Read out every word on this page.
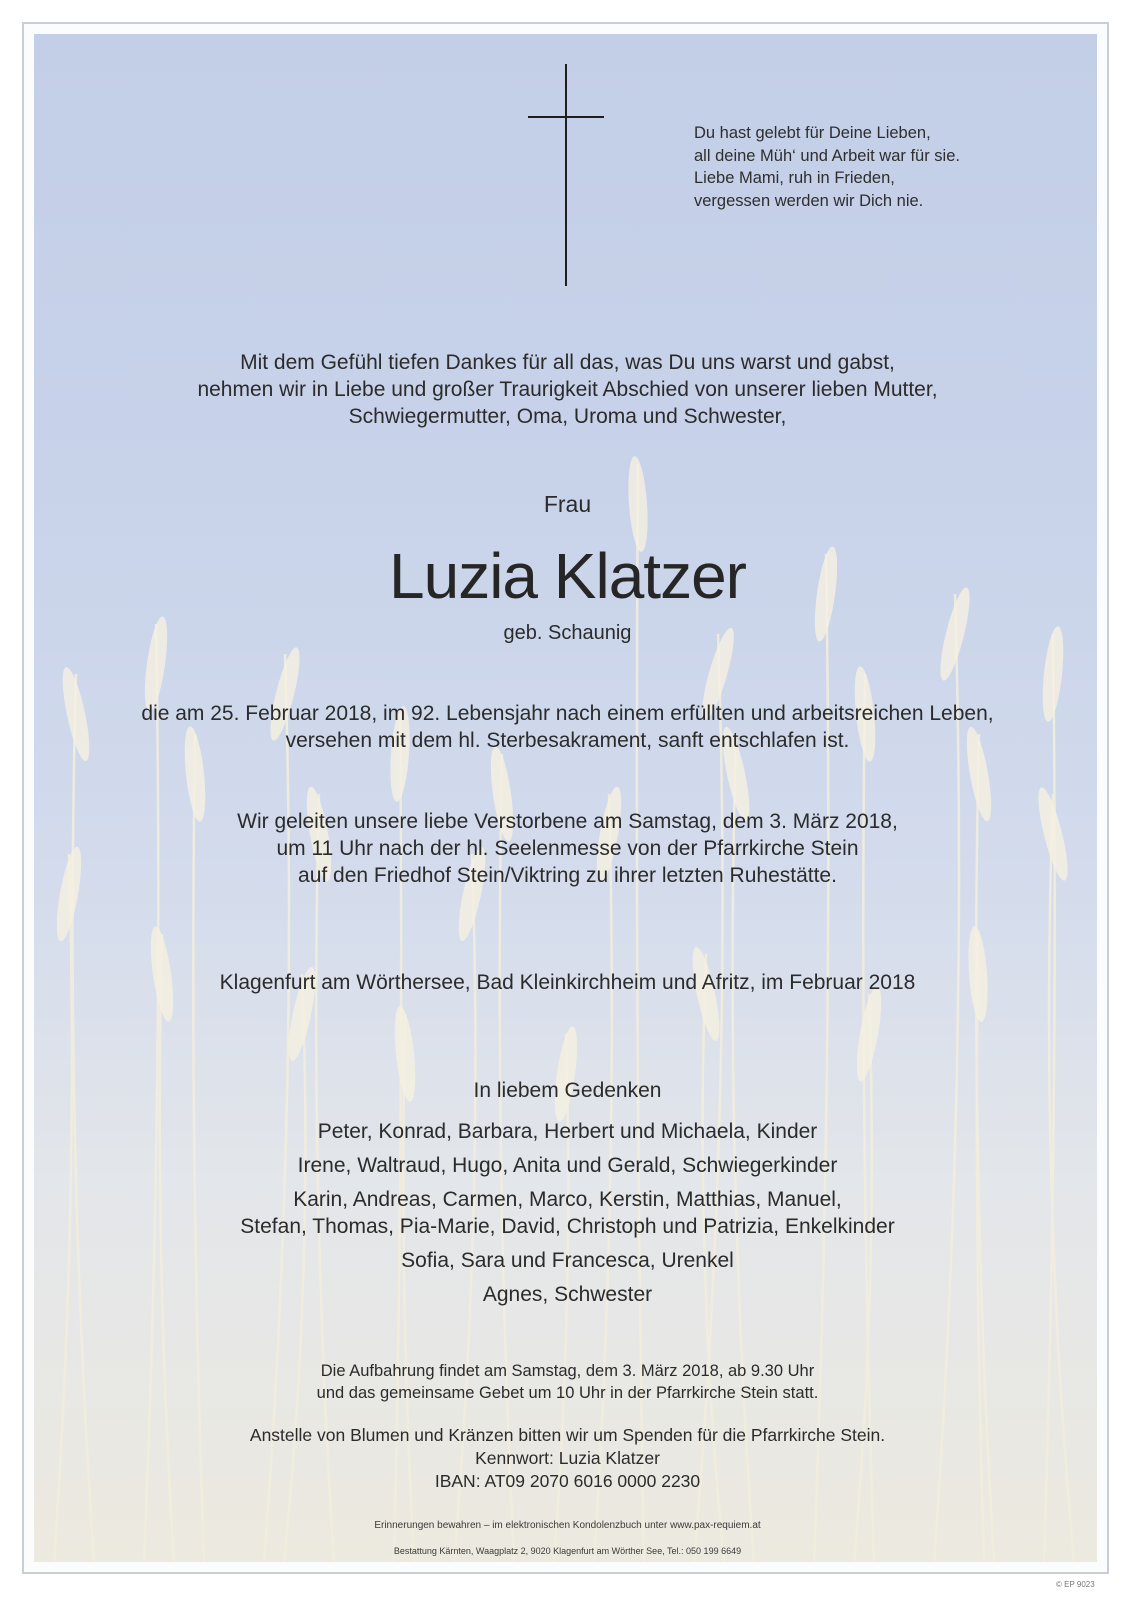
Du hast gelebt für Deine Lieben,
all deine Müh‘ und Arbeit war für sie.
Liebe Mami, ruh in Frieden,
vergessen werden wir Dich nie.
Mit dem Gefühl tiefen Dankes für all das, was Du uns warst und gabst,
nehmen wir in Liebe und großer Traurigkeit Abschied von unserer lieben Mutter,
Schwiegermutter, Oma, Uroma und Schwester,
Frau
Luzia Klatzer
geb. Schaunig
die am 25. Februar 2018, im 92. Lebensjahr nach einem erfüllten und arbeitsreichen Leben,
versehen mit dem hl. Sterbesakrament, sanft entschlafen ist.
Wir geleiten unsere liebe Verstorbene am Samstag, dem 3. März 2018,
um 11 Uhr nach der hl. Seelenmesse von der Pfarrkirche Stein
auf den Friedhof Stein/Viktring zu ihrer letzten Ruhestätte.
Klagenfurt am Wörthersee, Bad Kleinkirchheim und Afritz, im Februar 2018
In liebem Gedenken
Peter, Konrad, Barbara, Herbert und Michaela, Kinder
Irene, Waltraud, Hugo, Anita und Gerald, Schwiegerkinder
Karin, Andreas, Carmen, Marco, Kerstin, Matthias, Manuel,
Stefan, Thomas, Pia-Marie, David, Christoph und Patrizia, Enkelkinder
Sofia, Sara und Francesca, Urenkel
Agnes, Schwester
Die Aufbahrung findet am Samstag, dem 3. März 2018, ab 9.30 Uhr
und das gemeinsame Gebet um 10 Uhr in der Pfarrkirche Stein statt.
Anstelle von Blumen und Kränzen bitten wir um Spenden für die Pfarrkirche Stein.
Kennwort: Luzia Klatzer
IBAN: AT09 2070 6016 0000 2230
Erinnerungen bewahren – im elektronischen Kondolenzbuch unter www.pax-requiem.at
Bestattung Kärnten, Waagplatz 2, 9020 Klagenfurt am Wörther See, Tel.: 050 199 6649
© EP 9023
